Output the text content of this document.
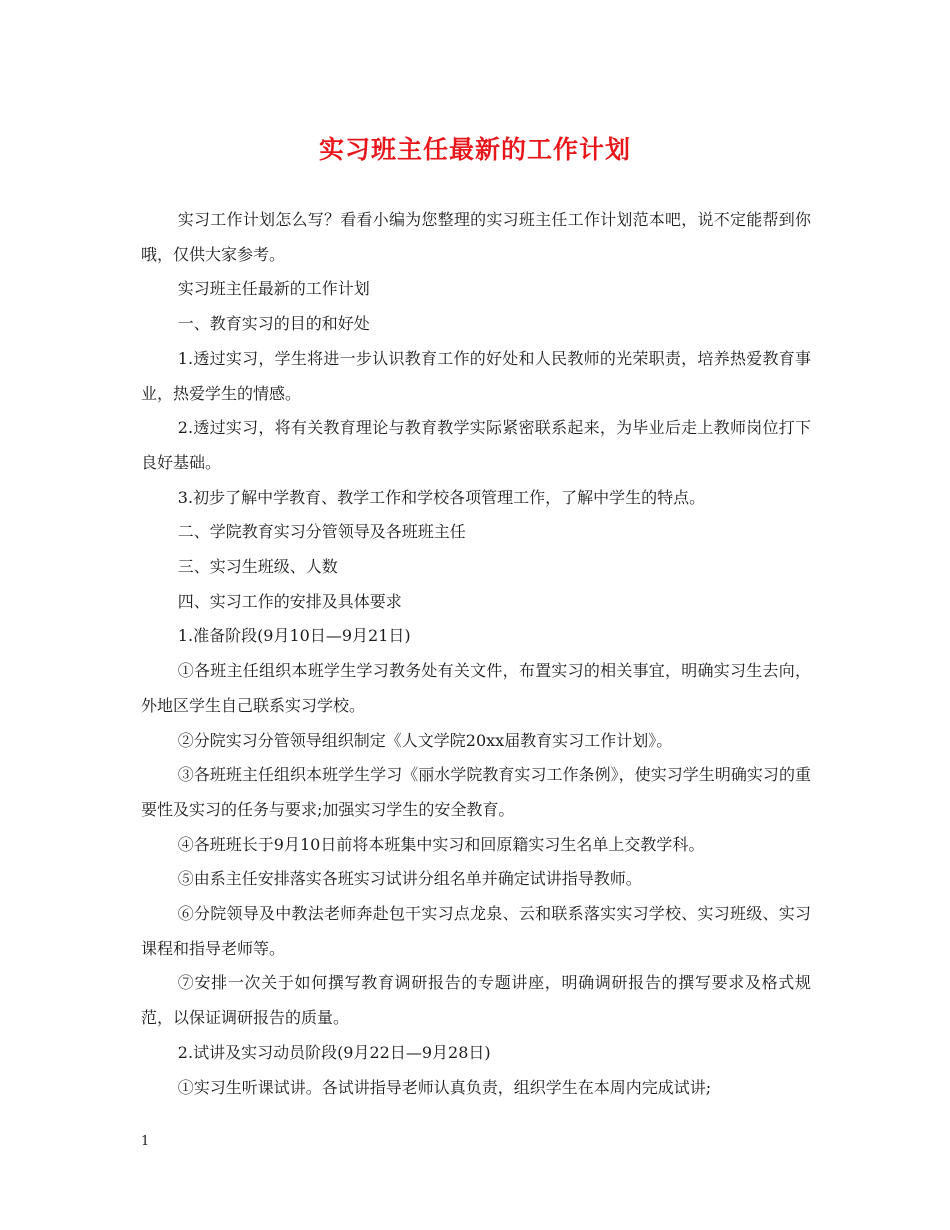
实习班主任最新的工作计划

实习工作计划怎么写？看看小编为您整理的实习班主任工作计划范本吧，说不定能帮到你哦，仅供大家参考。

实习班主任最新的工作计划

一、教育实习的目的和好处

1.透过实习，学生将进一步认识教育工作的好处和人民教师的光荣职责，培养热爱教育事业，热爱学生的情感。

2.透过实习，将有关教育理论与教育教学实际紧密联系起来，为毕业后走上教师岗位打下良好基础。

3.初步了解中学教育、教学工作和学校各项管理工作，了解中学生的特点。

二、学院教育实习分管领导及各班班主任

三、实习生班级、人数

四、实习工作的安排及具体要求

1.准备阶段(9月10日—9月21日)

①各班主任组织本班学生学习教务处有关文件，布置实习的相关事宜，明确实习生去向，外地区学生自己联系实习学校。

②分院实习分管领导组织制定《人文学院20xx届教育实习工作计划》。

③各班班主任组织本班学生学习《丽水学院教育实习工作条例》，使实习学生明确实习的重要性及实习的任务与要求;加强实习学生的安全教育。

④各班班长于9月10日前将本班集中实习和回原籍实习生名单上交教学科。

⑤由系主任安排落实各班实习试讲分组名单并确定试讲指导教师。

⑥分院领导及中教法老师奔赴包干实习点龙泉、云和联系落实实习学校、实习班级、实习课程和指导老师等。

⑦安排一次关于如何撰写教育调研报告的专题讲座，明确调研报告的撰写要求及格式规范，以保证调研报告的质量。

2.试讲及实习动员阶段(9月22日—9月28日)

①实习生听课试讲。各试讲指导老师认真负责，组织学生在本周内完成试讲;

1
